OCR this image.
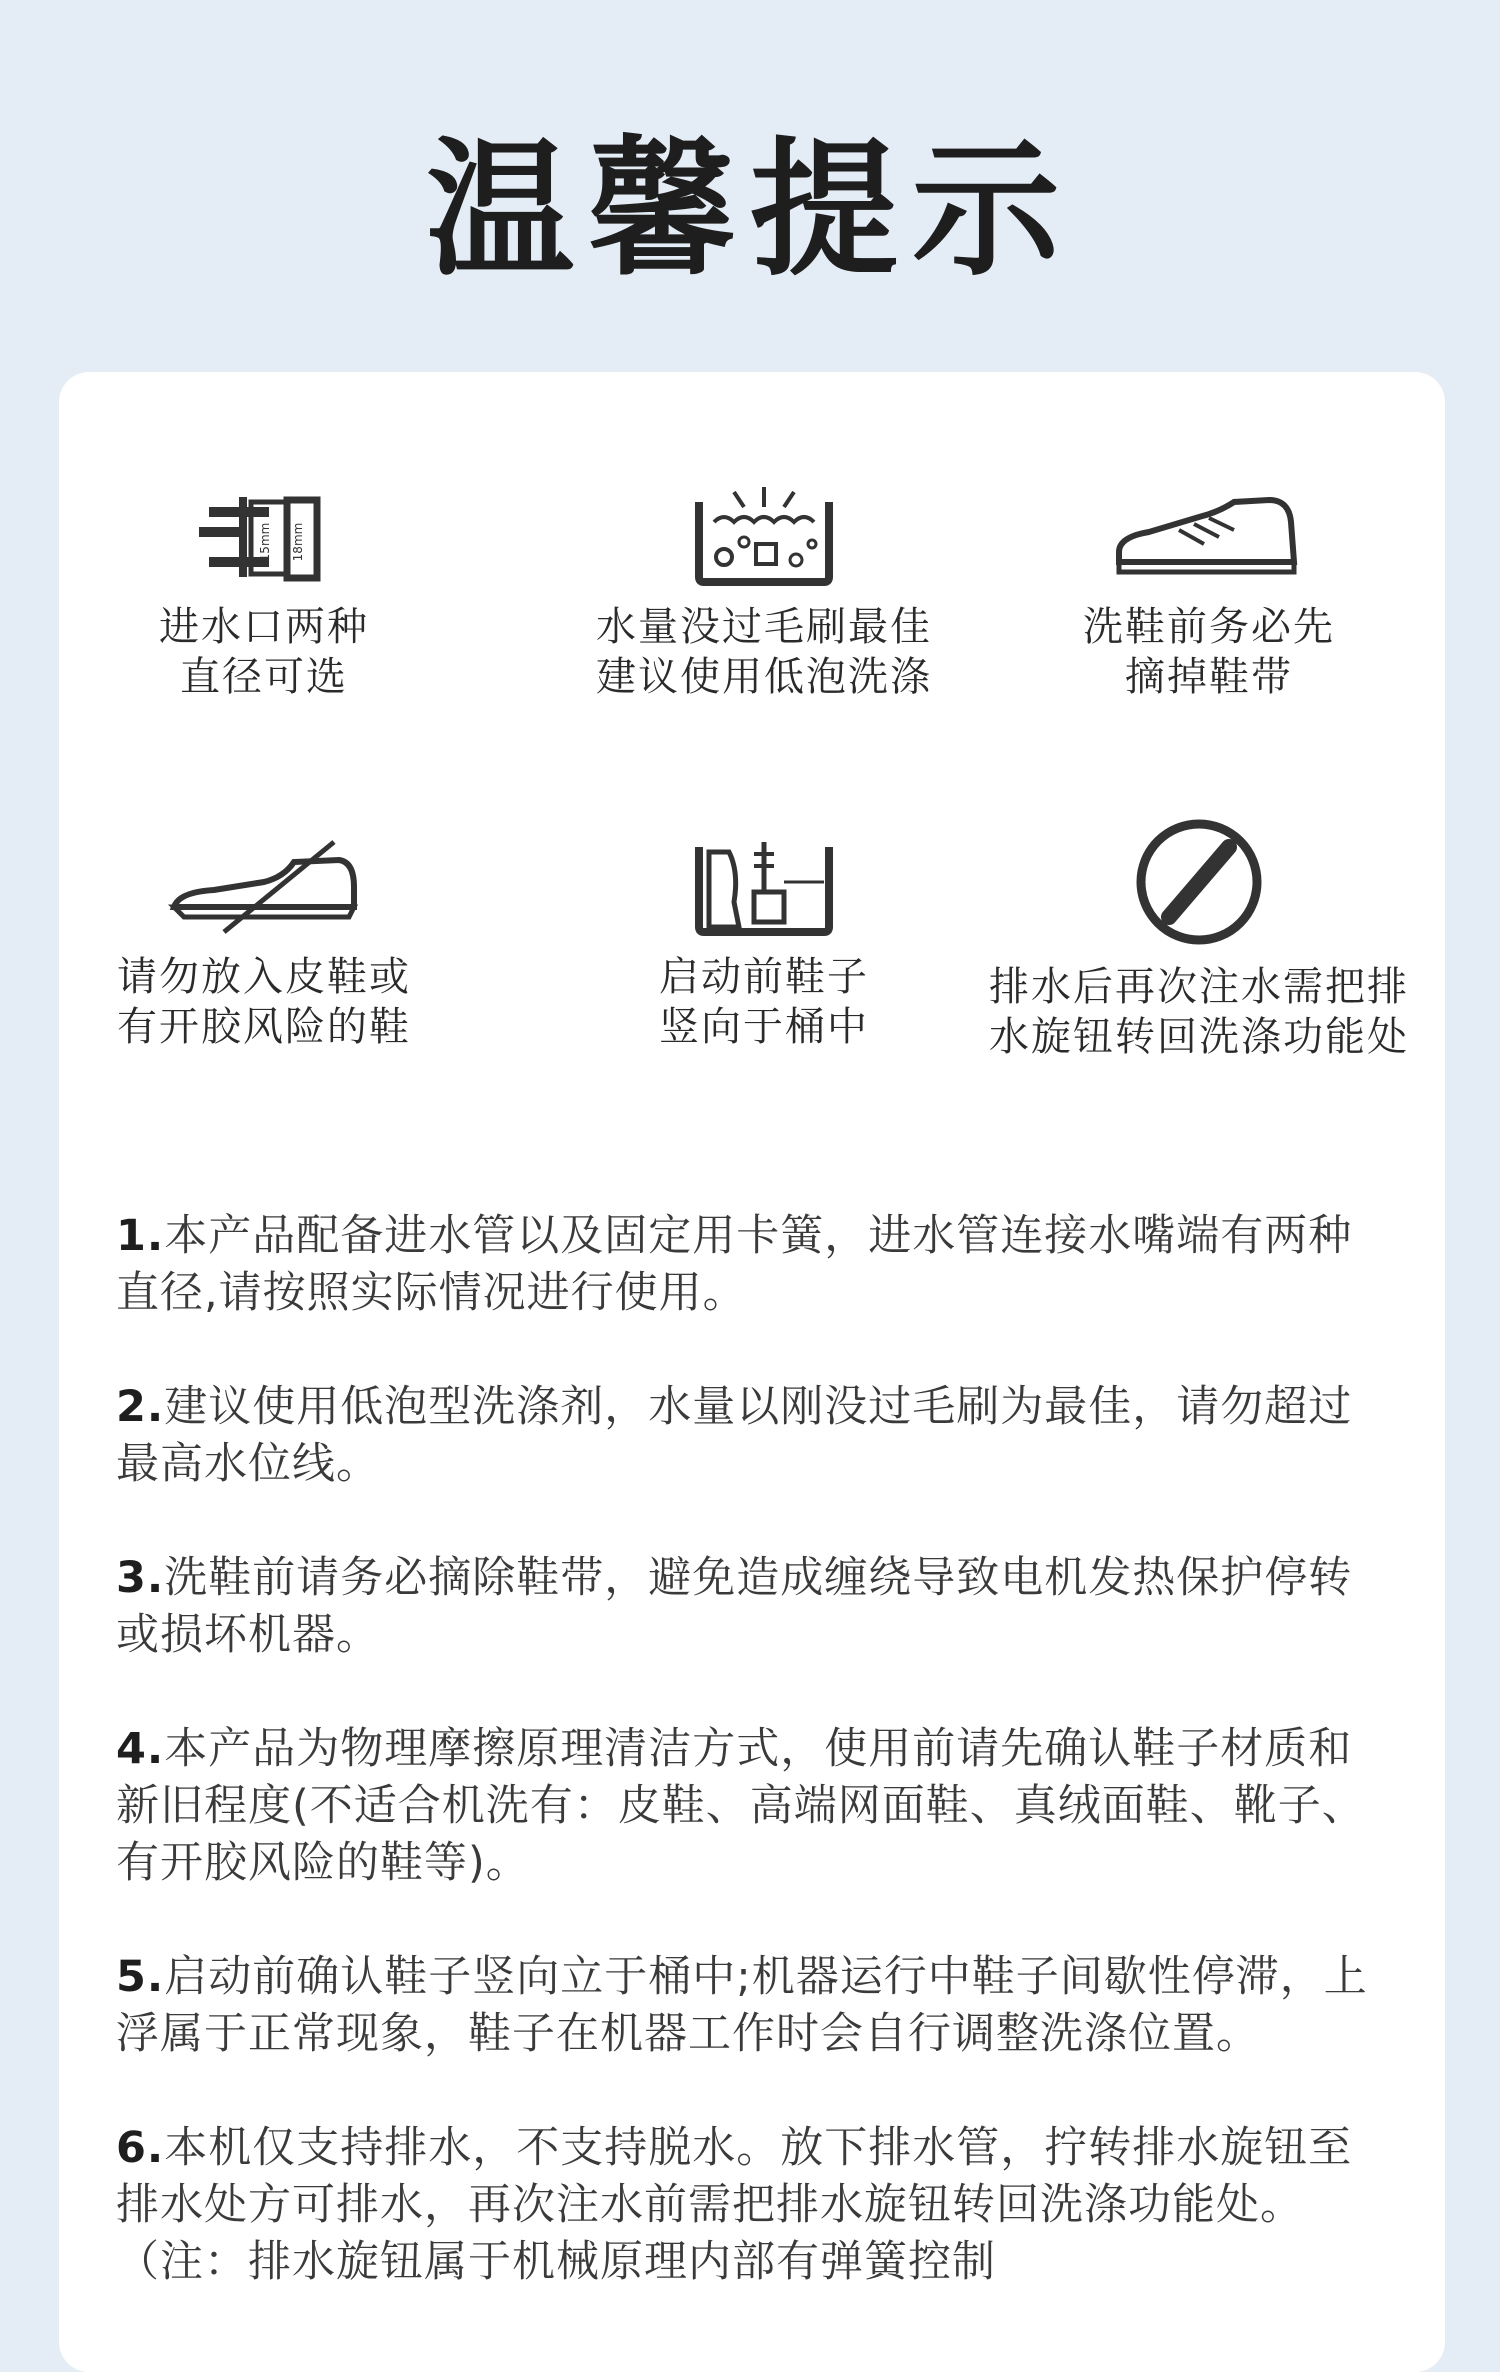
温馨提示
15mm 18mm
进水口两种
直径可选
水量没过毛刷最佳
建议使用低泡洗涤
洗鞋前务必先
摘掉鞋带
请勿放入皮鞋或
有开胶风险的鞋
启动前鞋子
竖向于桶中
排水后再次注水需把排
水旋钮转回洗涤功能处
1.本产品配备进水管以及固定用卡簧，进水管连接水嘴端有两种直径,请按照实际情况进行使用。
2.建议使用低泡型洗涤剂，水量以刚没过毛刷为最佳，请勿超过最高水位线。
3.洗鞋前请务必摘除鞋带，避免造成缠绕导致电机发热保护停转或损坏机器。
4.本产品为物理摩擦原理清洁方式，使用前请先确认鞋子材质和新旧程度(不适合机洗有：皮鞋、高端网面鞋、真绒面鞋、靴子、有开胶风险的鞋等)。
5.启动前确认鞋子竖向立于桶中;机器运行中鞋子间歇性停滞，上浮属于正常现象，鞋子在机器工作时会自行调整洗涤位置。
6.本机仅支持排水，不支持脱水。放下排水管，拧转排水旋钮至排水处方可排水，再次注水前需把排水旋钮转回洗涤功能处。（注：排水旋钮属于机械原理内部有弹簧控制
